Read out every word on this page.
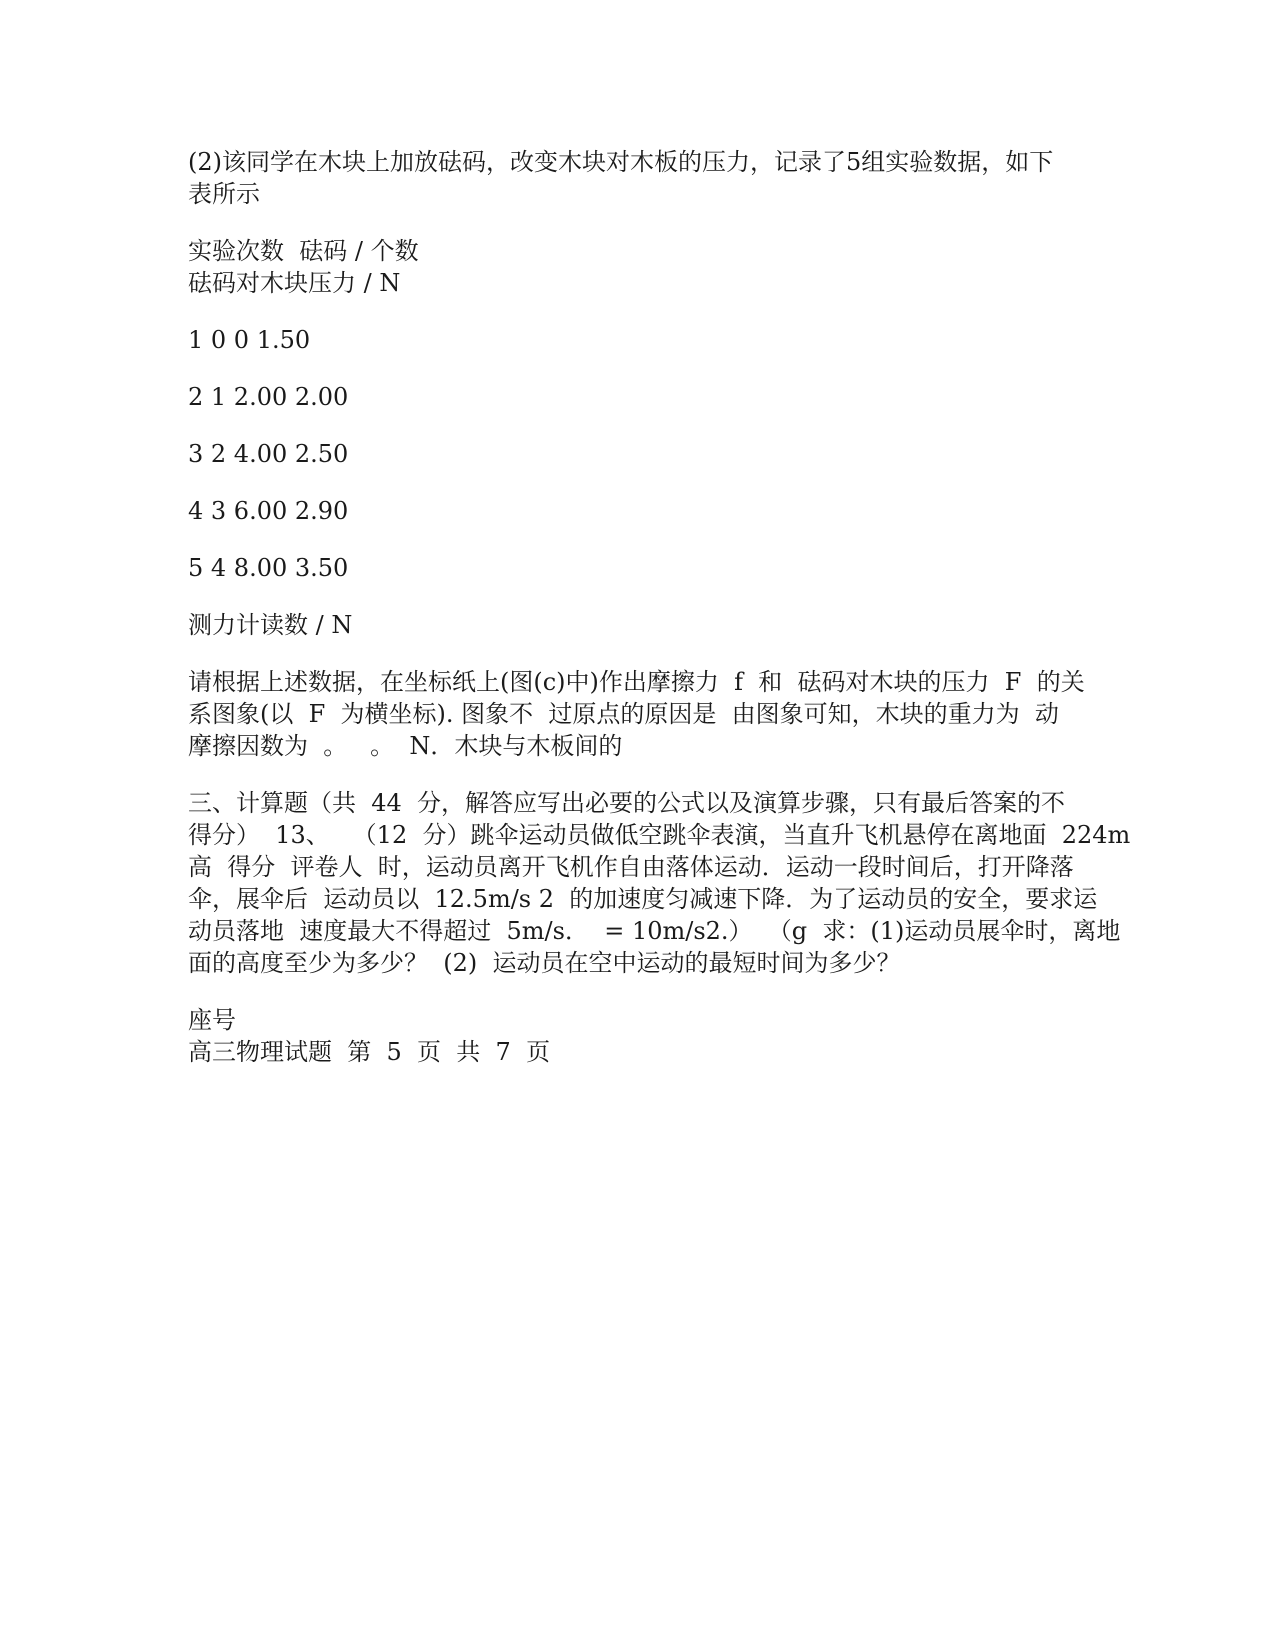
(2)该同学在木块上加放砝码，改变木块对木板的压力，记录了5组实验数据，如下
表所示
实验次数  砝码 / 个数
砝码对木块压力 / N
1 0 0 1.50
2 1 2.00 2.00
3 2 4.00 2.50
4 3 6.00 2.90
5 4 8.00 3.50
测力计读数 / N
请根据上述数据，在坐标纸上(图(c)中)作出摩擦力  f  和  砝码对木块的压力  F  的关
系图象(以  F  为横坐标). 图象不  过原点的原因是  由图象可知，木块的重力为  动
摩擦因数为  。   。  N．木块与木板间的
三、计算题（共  44  分，解答应写出必要的公式以及演算步骤，只有最后答案的不
得分）  13、   （12  分）跳伞运动员做低空跳伞表演，当直升飞机悬停在离地面  224m
高  得分  评卷人  时，运动员离开飞机作自由落体运动．运动一段时间后，打开降落
伞，展伞后  运动员以  12.5m/s 2  的加速度匀减速下降．为了运动员的安全，要求运
动员落地  速度最大不得超过  5m/s．  = 10m/s2.）  （g  求：(1)运动员展伞时，离地
面的高度至少为多少？  (2)  运动员在空中运动的最短时间为多少？
座号
高三物理试题  第  5  页  共  7  页
